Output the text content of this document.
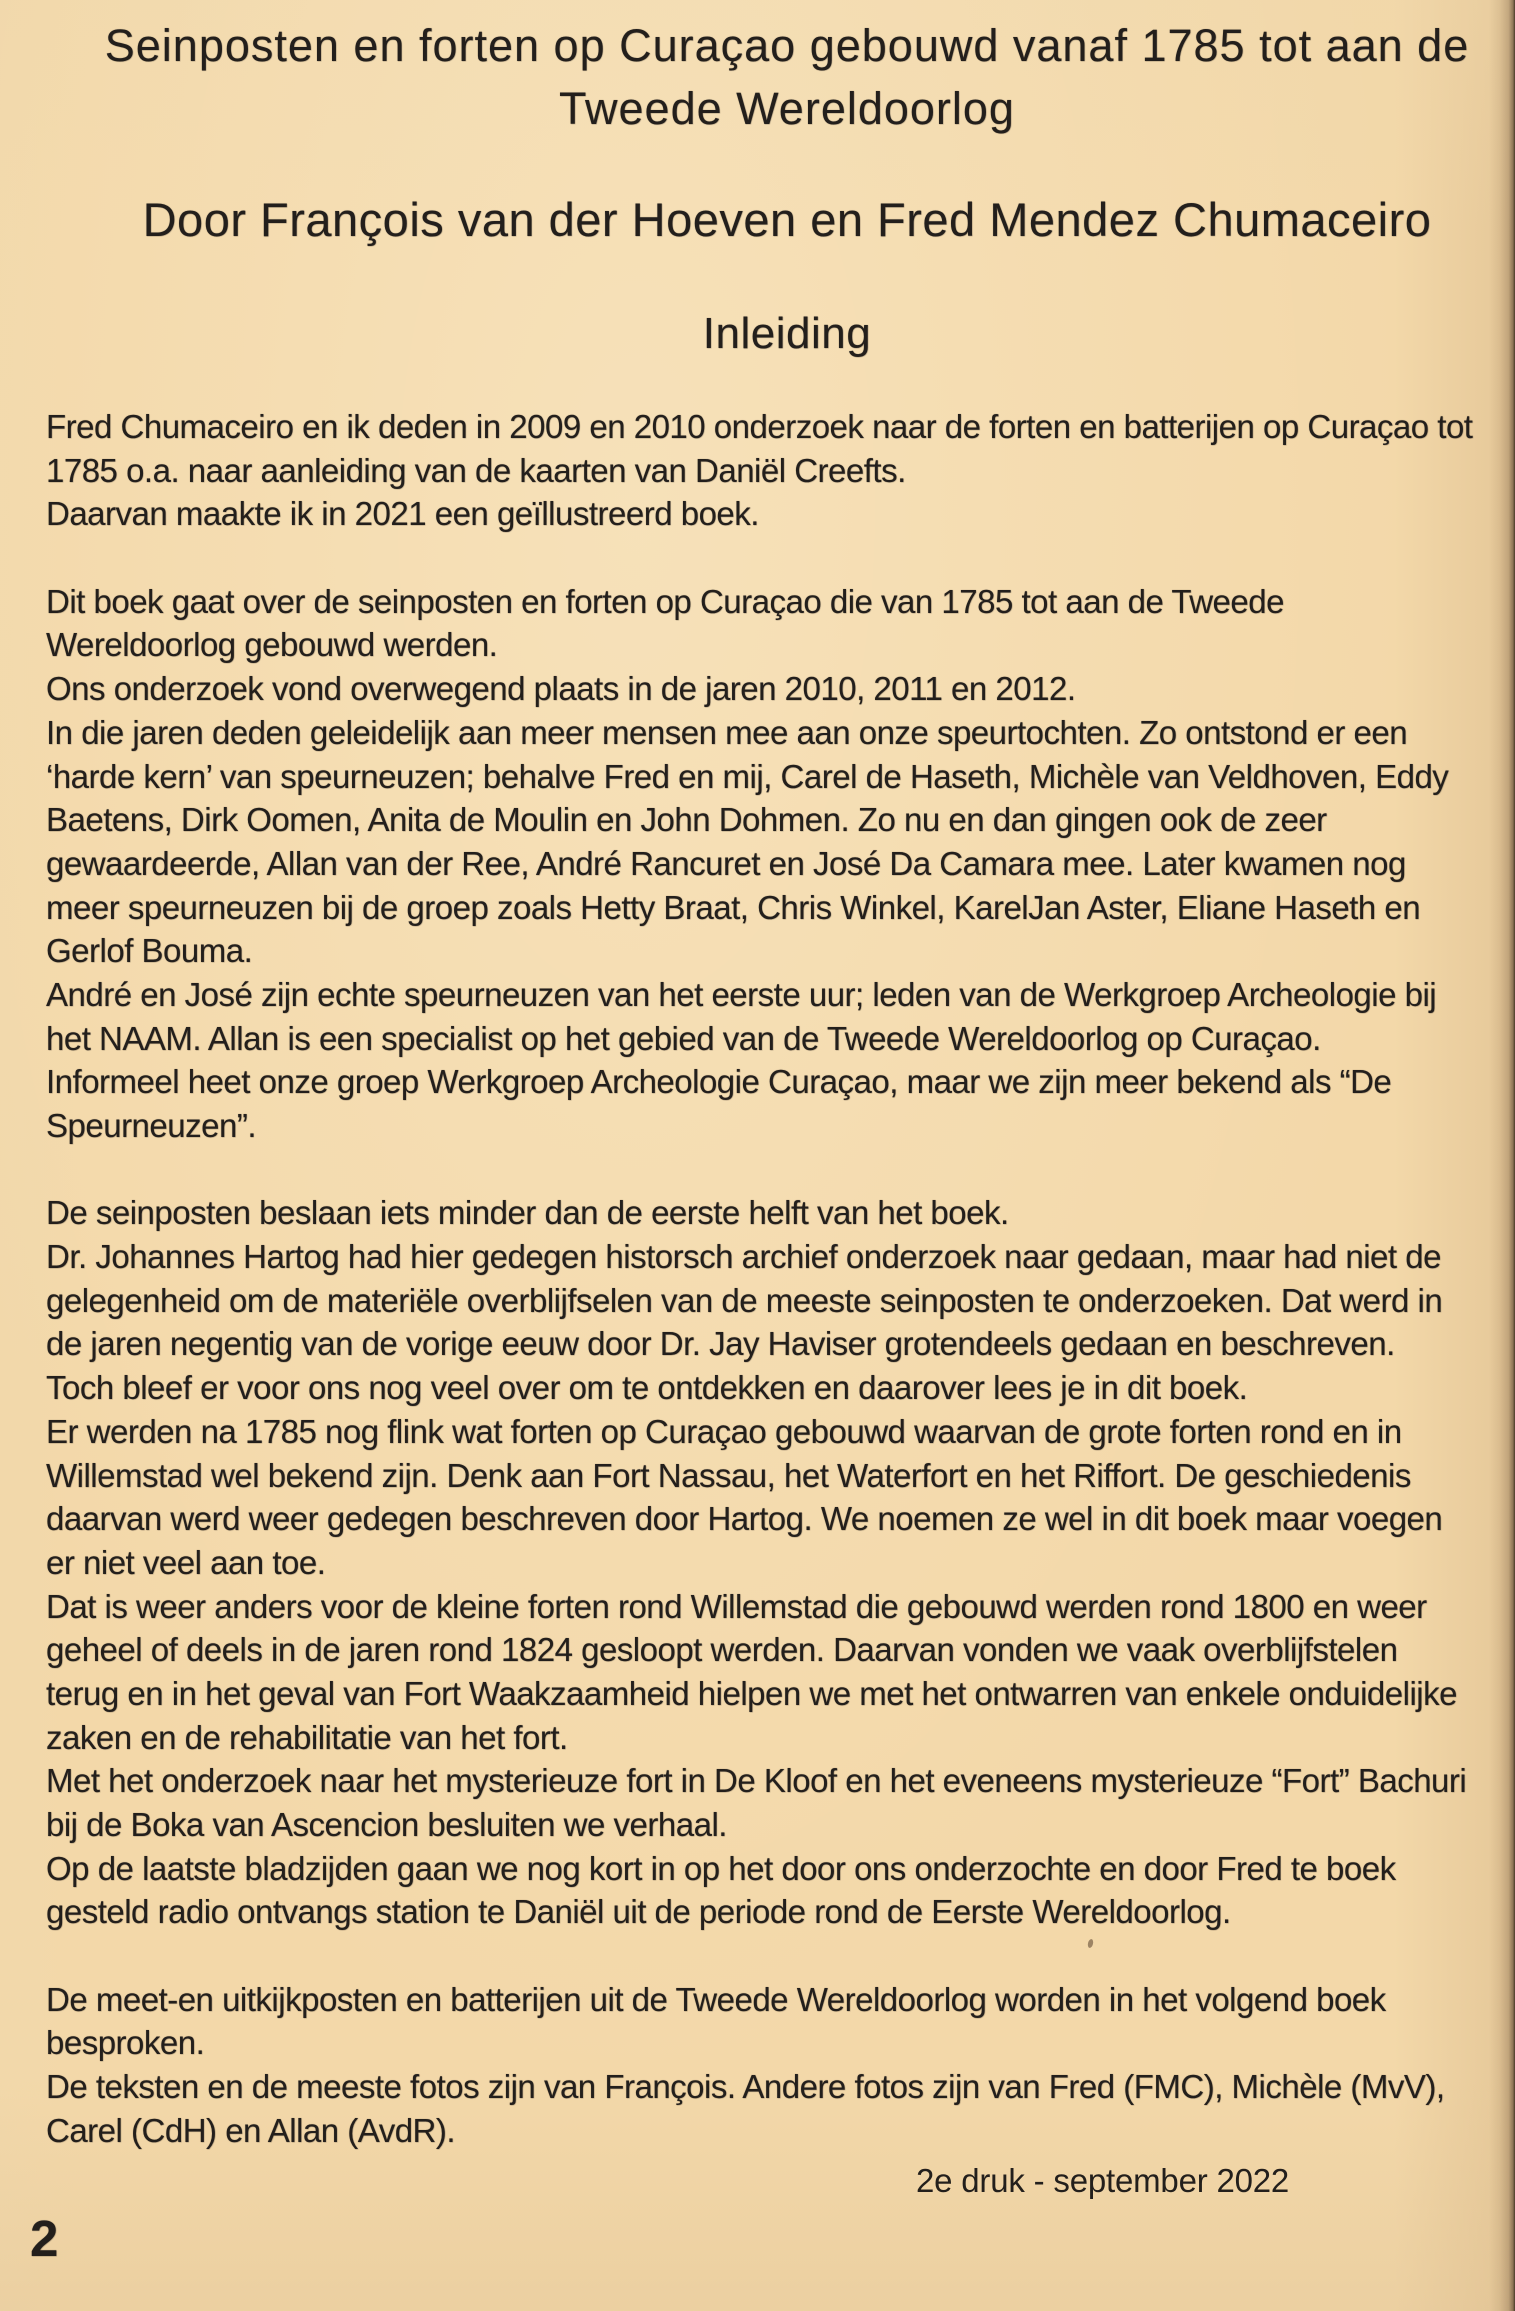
Seinposten en forten op Curaçao gebouwd vanaf 1785 tot aan de
Tweede Wereldoorlog
Door François van der Hoeven en Fred Mendez Chumaceiro
Inleiding
Fred Chumaceiro en ik deden in 2009 en 2010 onderzoek naar de forten en batterijen op Curaçao tot
1785 o.a. naar aanleiding van de kaarten van Daniël Creefts.
Daarvan maakte ik in 2021 een geïllustreerd boek.
Dit boek gaat over de seinposten en forten op Curaçao die van 1785 tot aan de Tweede
Wereldoorlog gebouwd werden.
Ons onderzoek vond overwegend plaats in de jaren 2010, 2011 en 2012.
In die jaren deden geleidelijk aan meer mensen mee aan onze speurtochten. Zo ontstond er een
‘harde kern’ van speurneuzen; behalve Fred en mij, Carel de Haseth, Michèle van Veldhoven, Eddy
Baetens, Dirk Oomen, Anita de Moulin en John Dohmen. Zo nu en dan gingen ook de zeer
gewaardeerde, Allan van der Ree, André Rancuret en José Da Camara mee. Later kwamen nog
meer speurneuzen bij de groep zoals Hetty Braat, Chris Winkel, KarelJan Aster, Eliane Haseth en
Gerlof Bouma.
André en José zijn echte speurneuzen van het eerste uur; leden van de Werkgroep Archeologie bij
het NAAM. Allan is een specialist op het gebied van de Tweede Wereldoorlog op Curaçao.
Informeel heet onze groep Werkgroep Archeologie Curaçao, maar we zijn meer bekend als “De
Speurneuzen”.
De seinposten beslaan iets minder dan de eerste helft van het boek.
Dr. Johannes Hartog had hier gedegen historsch archief onderzoek naar gedaan, maar had niet de
gelegenheid om de materiële overblijfselen van de meeste seinposten te onderzoeken. Dat werd in
de jaren negentig van de vorige eeuw door Dr. Jay Haviser grotendeels gedaan en beschreven.
Toch bleef er voor ons nog veel over om te ontdekken en daarover lees je in dit boek.
Er werden na 1785 nog flink wat forten op Curaçao gebouwd waarvan de grote forten rond en in
Willemstad wel bekend zijn. Denk aan Fort Nassau, het Waterfort en het Riffort. De geschiedenis
daarvan werd weer gedegen beschreven door Hartog. We noemen ze wel in dit boek maar voegen
er niet veel aan toe.
Dat is weer anders voor de kleine forten rond Willemstad die gebouwd werden rond 1800 en weer
geheel of deels in de jaren rond 1824 gesloopt werden. Daarvan vonden we vaak overblijfstelen
terug en in het geval van Fort Waakzaamheid hielpen we met het ontwarren van enkele onduidelijke
zaken en de rehabilitatie van het fort.
Met het onderzoek naar het mysterieuze fort in De Kloof en het eveneens mysterieuze “Fort” Bachuri
bij de Boka van Ascencion besluiten we verhaal.
Op de laatste bladzijden gaan we nog kort in op het door ons onderzochte en door Fred te boek
gesteld radio ontvangs station te Daniël uit de periode rond de Eerste Wereldoorlog.
De meet-en uitkijkposten en batterijen uit de Tweede Wereldoorlog worden in het volgend boek
besproken.
De teksten en de meeste fotos zijn van François. Andere fotos zijn van Fred (FMC), Michèle (MvV),
Carel (CdH) en Allan (AvdR).
2e druk - september 2022
2
